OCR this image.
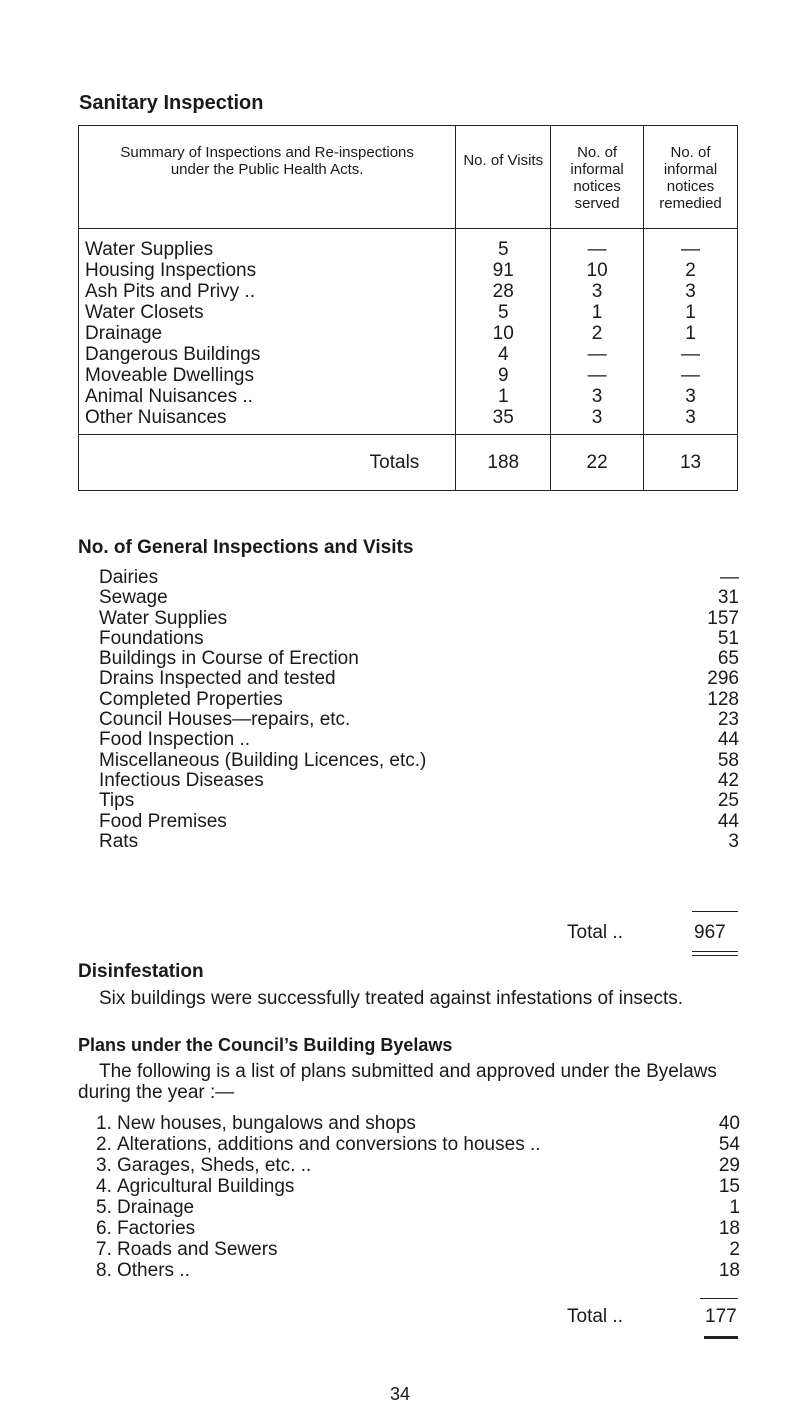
Sanitary Inspection
Summary of Inspections and Re-inspections under the Public Health Acts.	No. of Visits	No. of informal notices served	No. of informal notices remedied
Water Supplies	5	—	—
Housing Inspections	91	10	2
Ash Pits and Privy ..	28	3	3
Water Closets	5	1	1
Drainage	10	2	1
Dangerous Buildings	4	—	—
Moveable Dwellings	9	—	—
Animal Nuisances ..	1	3	3
Other Nuisances	35	3	3
Totals	188	22	13
No. of General Inspections and Visits
Dairies	—
Sewage	31
Water Supplies	157
Foundations	51
Buildings in Course of Erection	65
Drains Inspected and tested	296
Completed Properties	128
Council Houses—repairs, etc.	23
Food Inspection ..	44
Miscellaneous (Building Licences, etc.)	58
Infectious Diseases	42
Tips	25
Food Premises	44
Rats	3
Total ..	967
Disinfestation
Six buildings were successfully treated against infestations of insects.
Plans under the Council’s Building Byelaws
The following is a list of plans submitted and approved under the Byelaws during the year :—
1. New houses, bungalows and shops	40
2. Alterations, additions and conversions to houses ..	54
3. Garages, Sheds, etc. ..	29
4. Agricultural Buildings	15
5. Drainage	1
6. Factories	18
7. Roads and Sewers	2
8. Others ..	18
Total ..	177
34
